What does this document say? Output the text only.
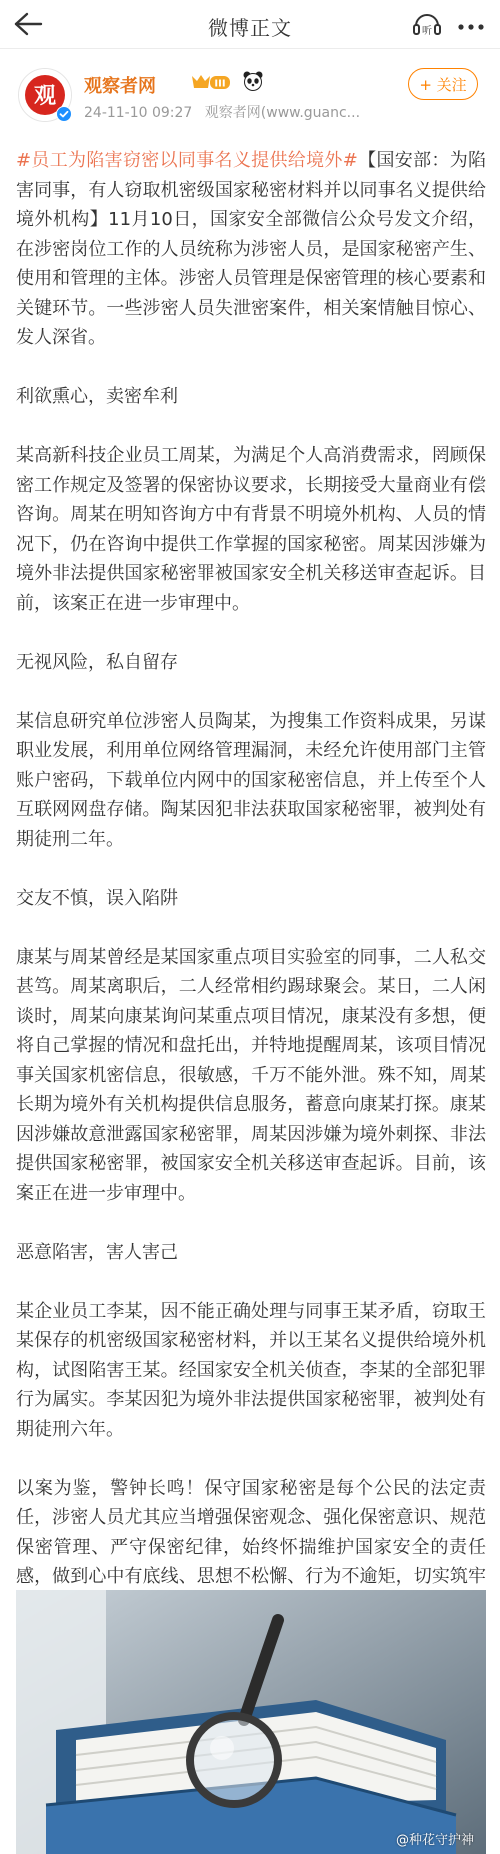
微博正文	听
观 观察者网	III
24-11-10 09:27 观察者网(www.guanc...
+ 关注

#员工为陷害窃密以同事名义提供给境外#【国安部：为陷害同事，有人窃取机密级国家秘密材料并以同事名义提供给境外机构】11月10日，国家安全部微信公众号发文介绍，在涉密岗位工作的人员统称为涉密人员，是国家秘密产生、使用和管理的主体。涉密人员管理是保密管理的核心要素和关键环节。一些涉密人员失泄密案件，相关案情触目惊心、发人深省。

利欲熏心，卖密牟利

某高新科技企业员工周某，为满足个人高消费需求，罔顾保密工作规定及签署的保密协议要求，长期接受大量商业有偿咨询。周某在明知咨询方中有背景不明境外机构、人员的情况下，仍在咨询中提供工作掌握的国家秘密。周某因涉嫌为境外非法提供国家秘密罪被国家安全机关移送审查起诉。目前，该案正在进一步审理中。

无视风险，私自留存

某信息研究单位涉密人员陶某，为搜集工作资料成果，另谋职业发展，利用单位网络管理漏洞，未经允许使用部门主管账户密码，下载单位内网中的国家秘密信息，并上传至个人互联网网盘存储。陶某因犯非法获取国家秘密罪，被判处有期徒刑二年。

交友不慎，误入陷阱

康某与周某曾经是某国家重点项目实验室的同事，二人私交甚笃。周某离职后，二人经常相约踢球聚会。某日，二人闲谈时，周某向康某询问某重点项目情况，康某没有多想，便将自己掌握的情况和盘托出，并特地提醒周某，该项目情况事关国家机密信息，很敏感，千万不能外泄。殊不知，周某长期为境外有关机构提供信息服务，蓄意向康某打探。康某因涉嫌故意泄露国家秘密罪，周某因涉嫌为境外刺探、非法提供国家秘密罪，被国家安全机关移送审查起诉。目前，该案正在进一步审理中。

恶意陷害，害人害己

某企业员工李某，因不能正确处理与同事王某矛盾，窃取王某保存的机密级国家秘密材料，并以王某名义提供给境外机构，试图陷害王某。经国家安全机关侦查，李某的全部犯罪行为属实。李某因犯为境外非法提供国家秘密罪，被判处有期徒刑六年。

以案为鉴，警钟长鸣！保守国家秘密是每个公民的法定责任，涉密人员尤其应当增强保密观念、强化保密意识、规范保密管理、严守保密纪律，始终怀揣维护国家安全的责任感，做到心中有底线、思想不松懈、行为不逾矩，切实筑牢

@种花守护神
